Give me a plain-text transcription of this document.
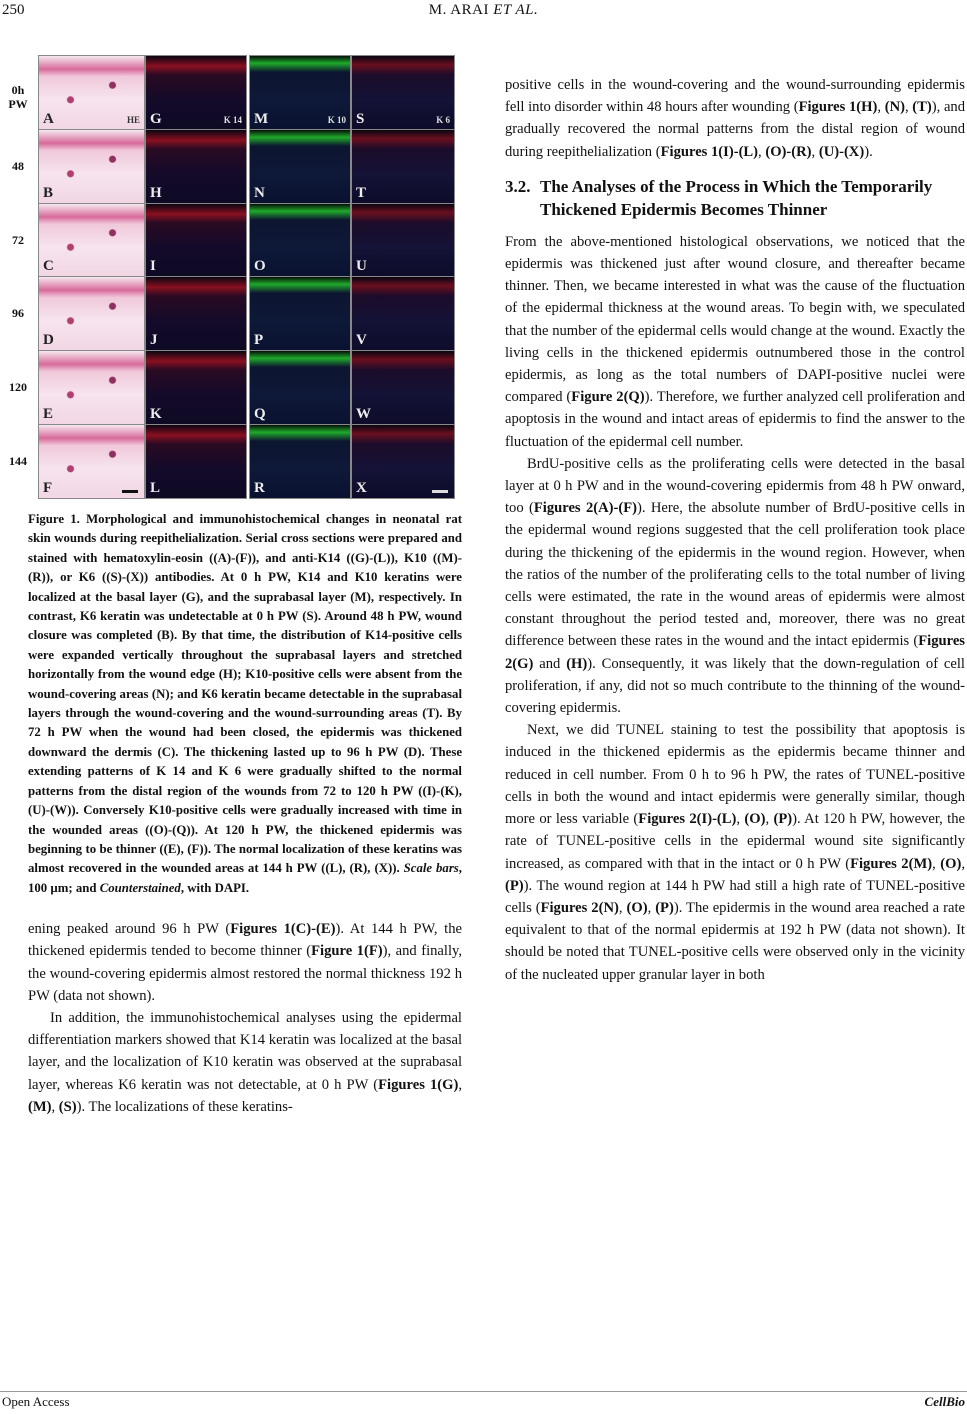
250	M. ARAI ET AL.
0h
PW
A	HE G	K 14 M	K 10 S	K 6
48
B	H	N	T
72
C	I	O	U
96
D	J	P	V
120
E	K	Q	W
144
F	L	R	X
Figure 1. Morphological and immunohistochemical changes in neonatal rat skin wounds during reepithelialization. Serial cross sections were prepared and stained with hematoxylin-eosin ((A)-(F)), and anti-K14 ((G)-(L)), K10 ((M)-(R)), or K6 ((S)-(X)) antibodies. At 0 h PW, K14 and K10 keratins were localized at the basal layer (G), and the suprabasal layer (M), respectively. In contrast, K6 keratin was undetectable at 0 h PW (S). Around 48 h PW, wound closure was completed (B). By that time, the distribution of K14-positive cells were expanded vertically throughout the suprabasal layers and stretched horizontally from the wound edge (H); K10-positive cells were absent from the wound-covering areas (N); and K6 keratin became detectable in the suprabasal layers through the wound-covering and the wound-surrounding areas (T). By 72 h PW when the wound had been closed, the epidermis was thickened downward the dermis (C). The thickening lasted up to 96 h PW (D). These extending patterns of K 14 and K 6 were gradually shifted to the normal patterns from the distal region of the wounds from 72 to 120 h PW ((I)-(K), (U)-(W)). Conversely K10-positive cells were gradually increased with time in the wounded areas ((O)-(Q)). At 120 h PW, the thickened epidermis was beginning to be thinner ((E), (F)). The normal localization of these keratins was almost recovered in the wounded areas at 144 h PW ((L), (R), (X)). Scale bars, 100 µm; and Counterstained, with DAPI.

ening peaked around 96 h PW (Figures 1(C)-(E)). At 144 h PW, the thickened epidermis tended to become thinner (Figure 1(F)), and finally, the wound-covering epidermis almost restored the normal thickness 192 h PW (data not shown).

In addition, the immunohistochemical analyses using the epidermal differentiation markers showed that K14 keratin was localized at the basal layer, and the localization of K10 keratin was observed at the suprabasal layer, whereas K6 keratin was not detectable, at 0 h PW (Figures 1(G), (M), (S)). The localizations of these keratins-

positive cells in the wound-covering and the wound-surrounding epidermis fell into disorder within 48 hours after wounding (Figures 1(H), (N), (T)), and gradually recovered the normal patterns from the distal region of wound during reepithelialization (Figures 1(I)-(L), (O)-(R), (U)-(X)).

3.2. The Analyses of the Process in Which the Temporarily Thickened Epidermis Becomes Thinner

From the above-mentioned histological observations, we noticed that the epidermis was thickened just after wound closure, and thereafter became thinner. Then, we became interested in what was the cause of the fluctuation of the epidermal thickness at the wound areas. To begin with, we speculated that the number of the epidermal cells would change at the wound. Exactly the living cells in the thickened epidermis outnumbered those in the control epidermis, as long as the total numbers of DAPI-positive nuclei were compared (Figure 2(Q)). Therefore, we further analyzed cell proliferation and apoptosis in the wound and intact areas of epidermis to find the answer to the fluctuation of the epidermal cell number.

BrdU-positive cells as the proliferating cells were detected in the basal layer at 0 h PW and in the wound-covering epidermis from 48 h PW onward, too (Figures 2(A)-(F)). Here, the absolute number of BrdU-positive cells in the epidermal wound regions suggested that the cell proliferation took place during the thickening of the epidermis in the wound region. However, when the ratios of the number of the proliferating cells to the total number of living cells were estimated, the rate in the wound areas of epidermis were almost constant throughout the period tested and, moreover, there was no great difference between these rates in the wound and the intact epidermis (Figures 2(G) and (H)). Consequently, it was likely that the down-regulation of cell proliferation, if any, did not so much contribute to the thinning of the wound-covering epidermis.

Next, we did TUNEL staining to test the possibility that apoptosis is induced in the thickened epidermis as the epidermis became thinner and reduced in cell number. From 0 h to 96 h PW, the rates of TUNEL-positive cells in both the wound and intact epidermis were generally similar, though more or less variable (Figures 2(I)-(L), (O), (P)). At 120 h PW, however, the rate of TUNEL-positive cells in the epidermal wound site significantly increased, as compared with that in the intact or 0 h PW (Figures 2(M), (O), (P)). The wound region at 144 h PW had still a high rate of TUNEL-positive cells (Figures 2(N), (O), (P)). The epidermis in the wound area reached a rate equivalent to that of the normal epidermis at 192 h PW (data not shown). It should be noted that TUNEL-positive cells were observed only in the vicinity of the nucleated upper granular layer in both

Open Access	CellBio
